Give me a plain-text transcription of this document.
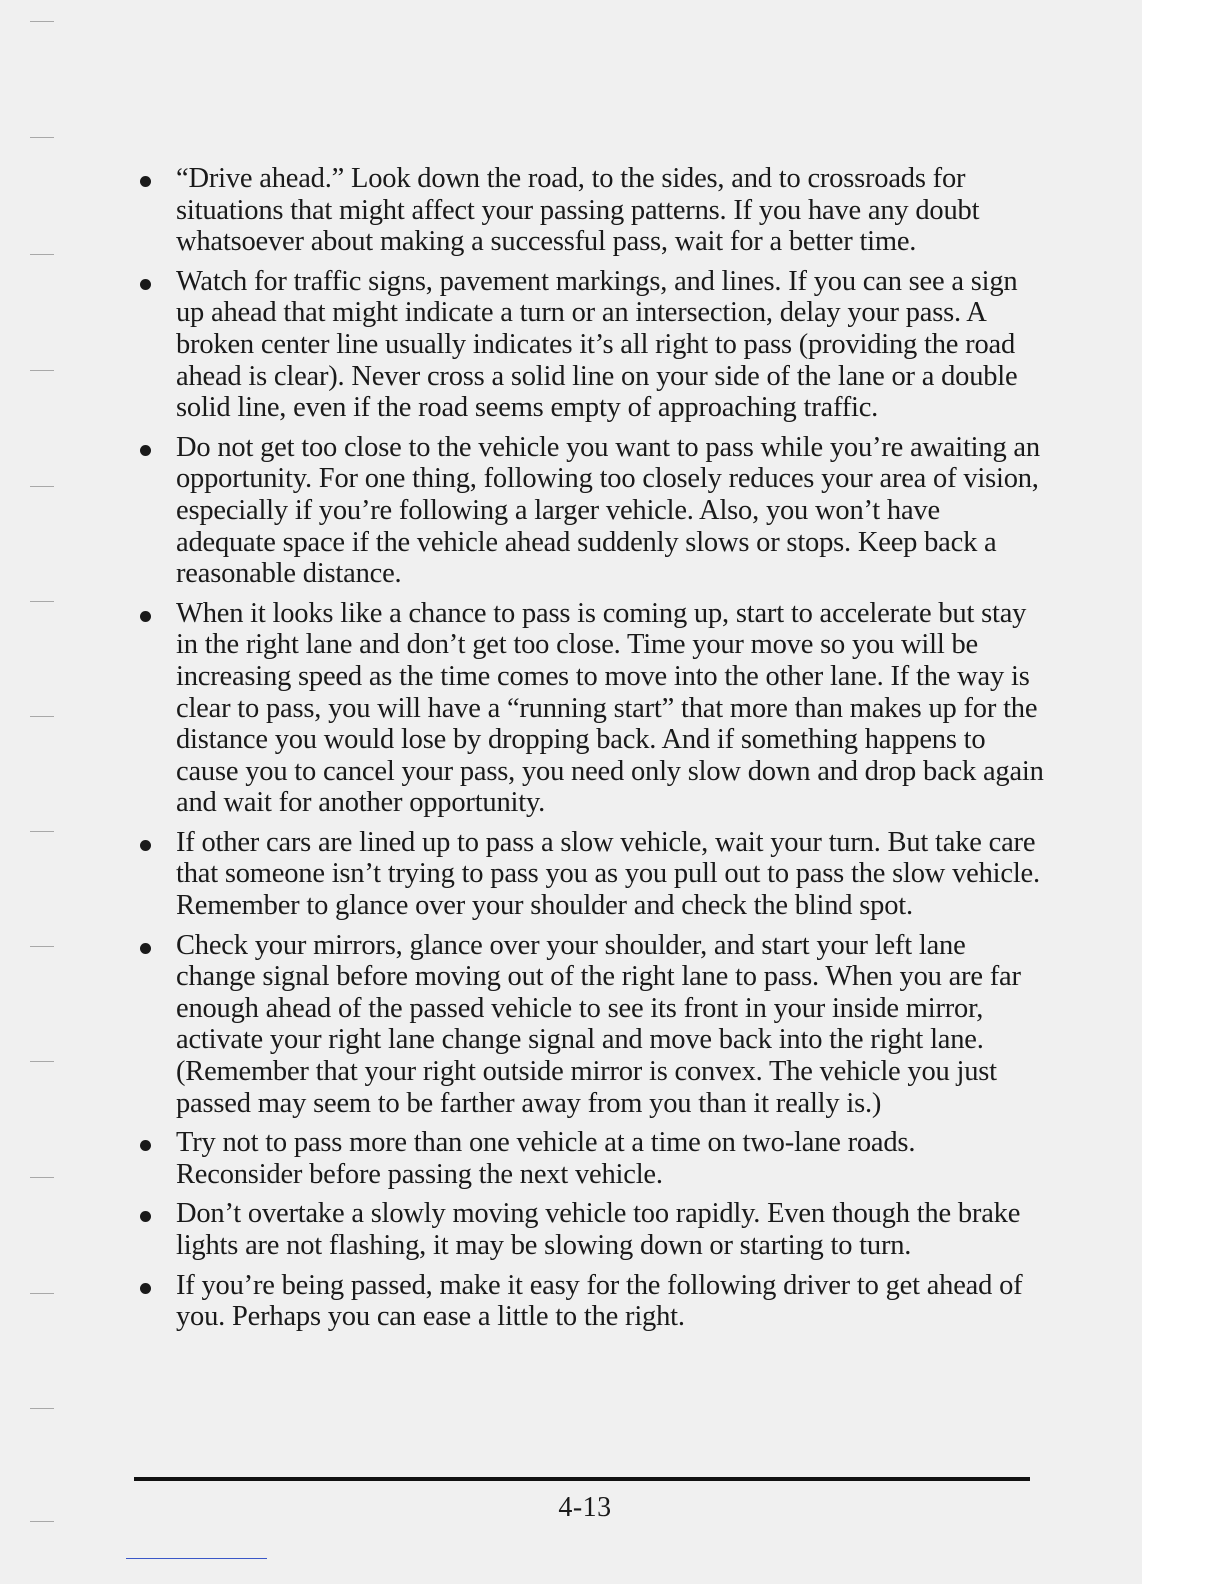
“Drive ahead.” Look down the road, to the sides, and to crossroads for situations that might affect your passing patterns. If you have any doubt whatsoever about making a successful pass, wait for a better time.
Watch for traffic signs, pavement markings, and lines. If you can see a sign up ahead that might indicate a turn or an intersection, delay your pass. A broken center line usually indicates it’s all right to pass (providing the road ahead is clear). Never cross a solid line on your side of the lane or a double solid line, even if the road seems empty of approaching traffic.
Do not get too close to the vehicle you want to pass while you’re awaiting an opportunity. For one thing, following too closely reduces your area of vision, especially if you’re following a larger vehicle. Also, you won’t have adequate space if the vehicle ahead suddenly slows or stops. Keep back a reasonable distance.
When it looks like a chance to pass is coming up, start to accelerate but stay in the right lane and don’t get too close. Time your move so you will be increasing speed as the time comes to move into the other lane. If the way is clear to pass, you will have a “running start” that more than makes up for the distance you would lose by dropping back. And if something happens to cause you to cancel your pass, you need only slow down and drop back again and wait for another opportunity.
If other cars are lined up to pass a slow vehicle, wait your turn. But take care that someone isn’t trying to pass you as you pull out to pass the slow vehicle. Remember to glance over your shoulder and check the blind spot.
Check your mirrors, glance over your shoulder, and start your left lane change signal before moving out of the right lane to pass. When you are far enough ahead of the passed vehicle to see its front in your inside mirror, activate your right lane change signal and move back into the right lane. (Remember that your right outside mirror is convex. The vehicle you just passed may seem to be farther away from you than it really is.)
Try not to pass more than one vehicle at a time on two-lane roads. Reconsider before passing the next vehicle.
Don’t overtake a slowly moving vehicle too rapidly. Even though the brake lights are not flashing, it may be slowing down or starting to turn.
If you’re being passed, make it easy for the following driver to get ahead of you. Perhaps you can ease a little to the right.
4-13
